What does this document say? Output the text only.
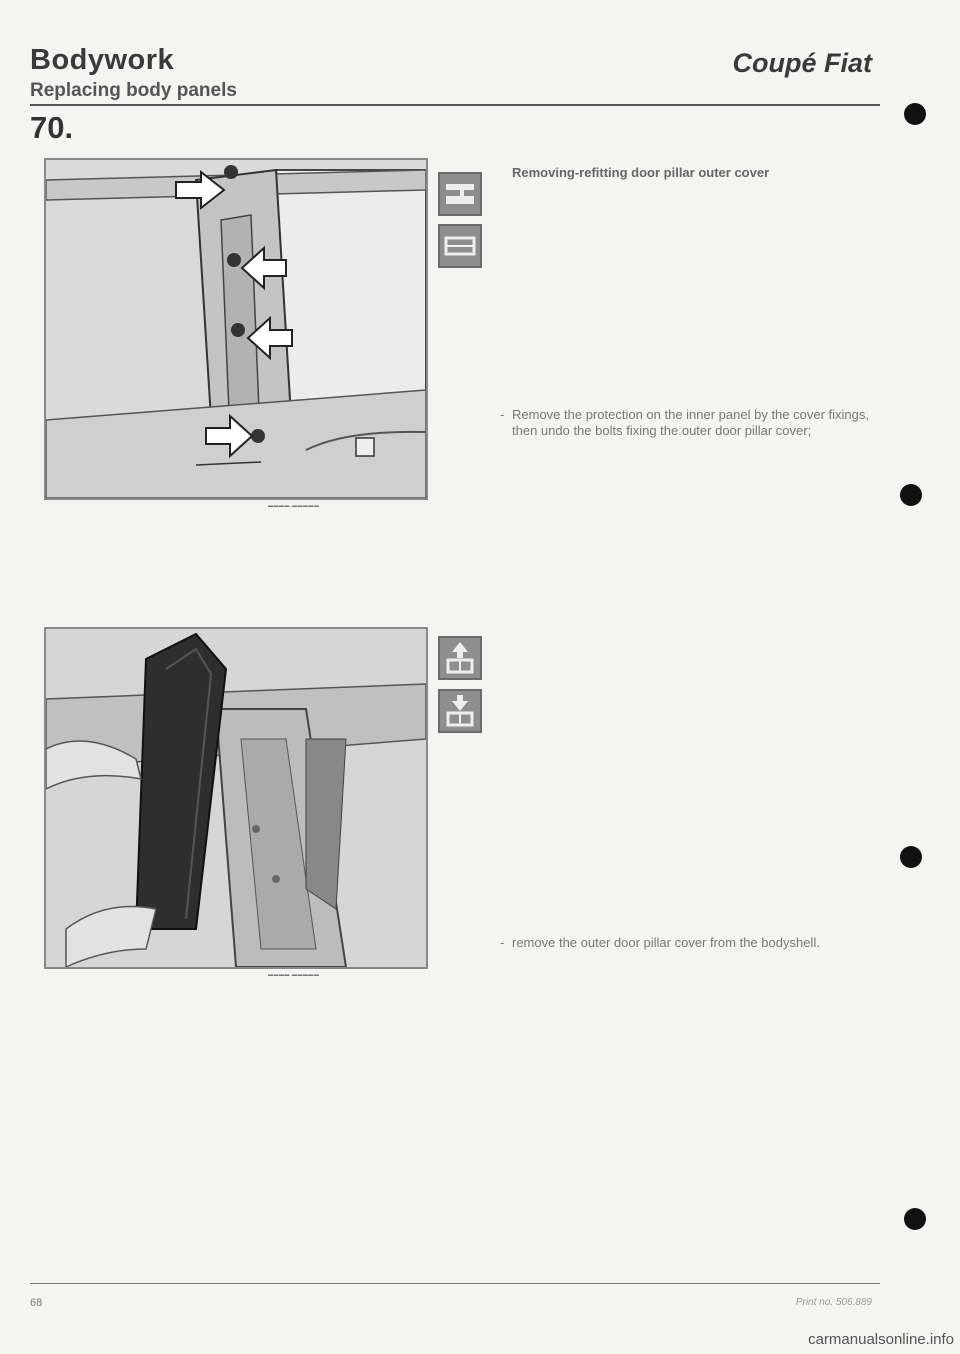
Bodywork	Coupé Fiat
Replacing body panels
70.
▬▬▬▬ ▬▬▬▬▬
▬▬▬▬ ▬▬▬▬▬
Removing-refitting door pillar outer cover
- Remove the protection on the inner panel by the cover fixings, then undo the bolts fixing the outer door pillar cover;
- remove the outer door pillar cover from the bodyshell.
68	Print no. 506.889
carmanualsonline.info
